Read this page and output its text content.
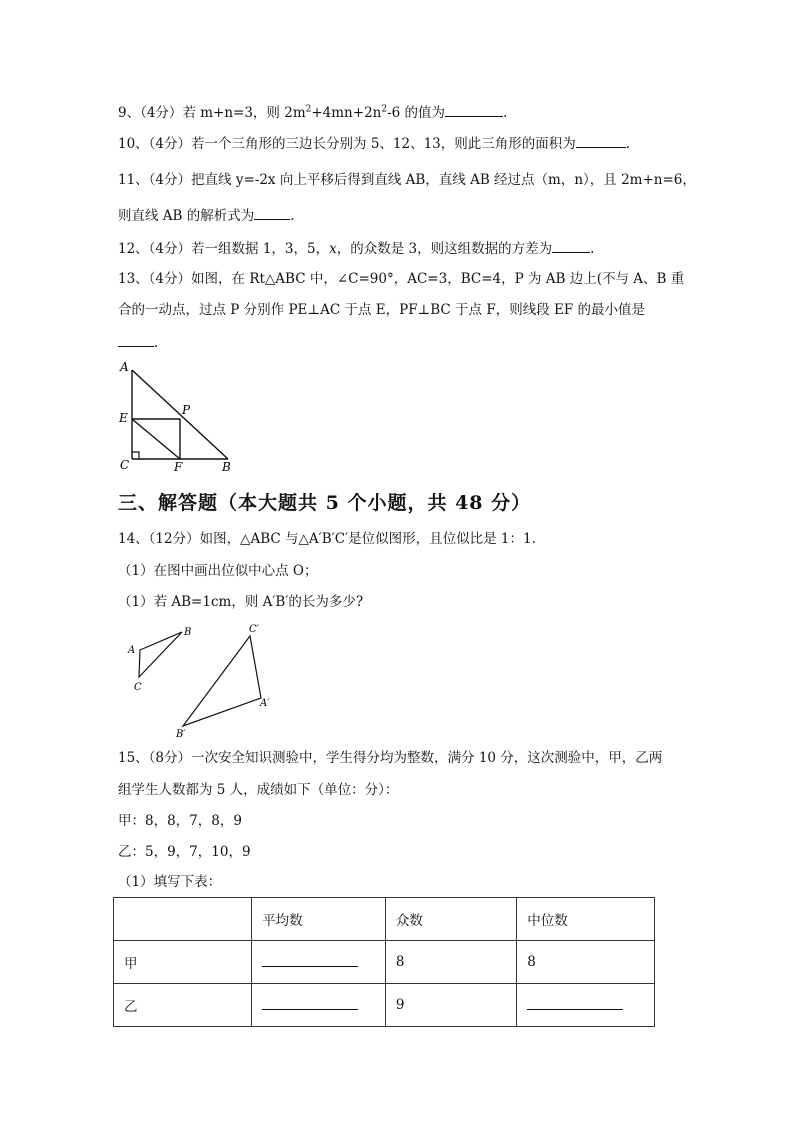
9、（4分）若 m+n=3，则 $2m^2+4mn+2n^2-6$ 的值为	.
10、（4分）若一个三角形的三边长分别为 5、12、13，则此三角形的面积为	.
11、（4分）把直线 y=-2x 向上平移后得到直线 AB，直线 AB 经过点（m，n），且 2m+n=6，
则直线 AB 的解析式为	.
12、（4分）若一组数据 1，3，5，x，的众数是 3，则这组数据的方差为	.
13、（4分）如图，在 Rt△ABC 中，∠C=90°，AC=3，BC=4，P 为 AB 边上(不与 A、B 重
合的一动点，过点 P 分别作 PE⊥AC 于点 E，PF⊥BC 于点 F，则线段 EF 的最小值是
.
A
E
P
C	F	B
三、解答题（本大题共 5 个小题，共 48 分）
14、（12分）如图，△ABC 与△A′B′C′是位似图形，且位似比是 1：1.
（1）在图中画出位似中心点 O；
（1）若 AB=1cm，则 A′B′的长为多少?
A
B
C
C′
A′
B′
15、（8分）一次安全知识测验中，学生得分均为整数，满分 10 分，这次测验中，甲，乙两
组学生人数都为 5 人，成绩如下（单位：分）：
甲：8，8，7，8，9
乙：5，9，7，10，9
（1）填写下表：
	平均数	众数	中位数
甲		8	8
乙		9	
